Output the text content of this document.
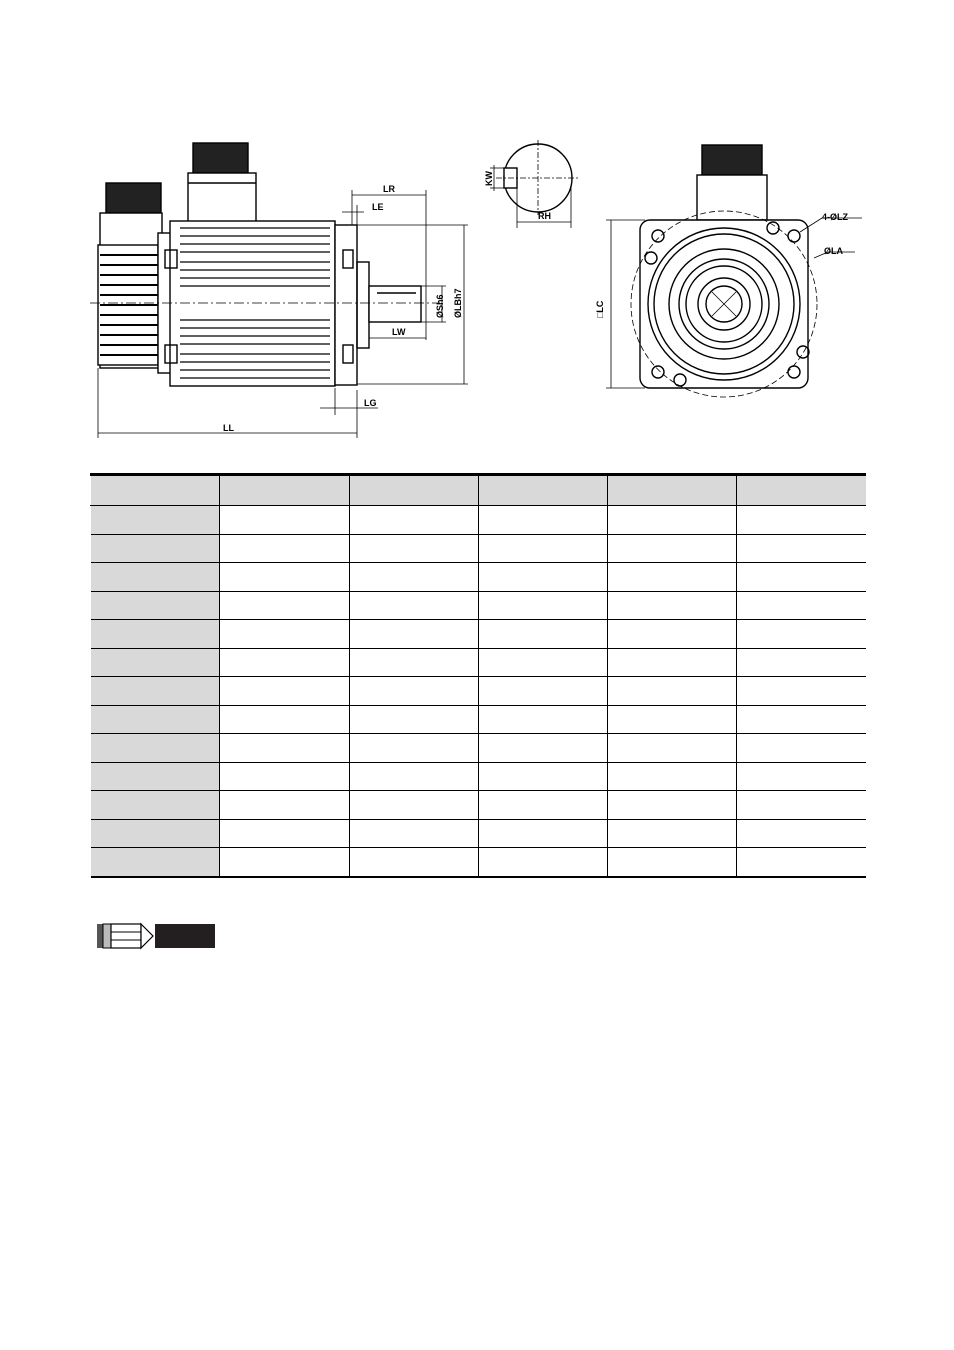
LR
LE
LG
LL
LW
ØSh6 ØLBh7
KW
RH	4-ØLZ
ØLA
□LC
